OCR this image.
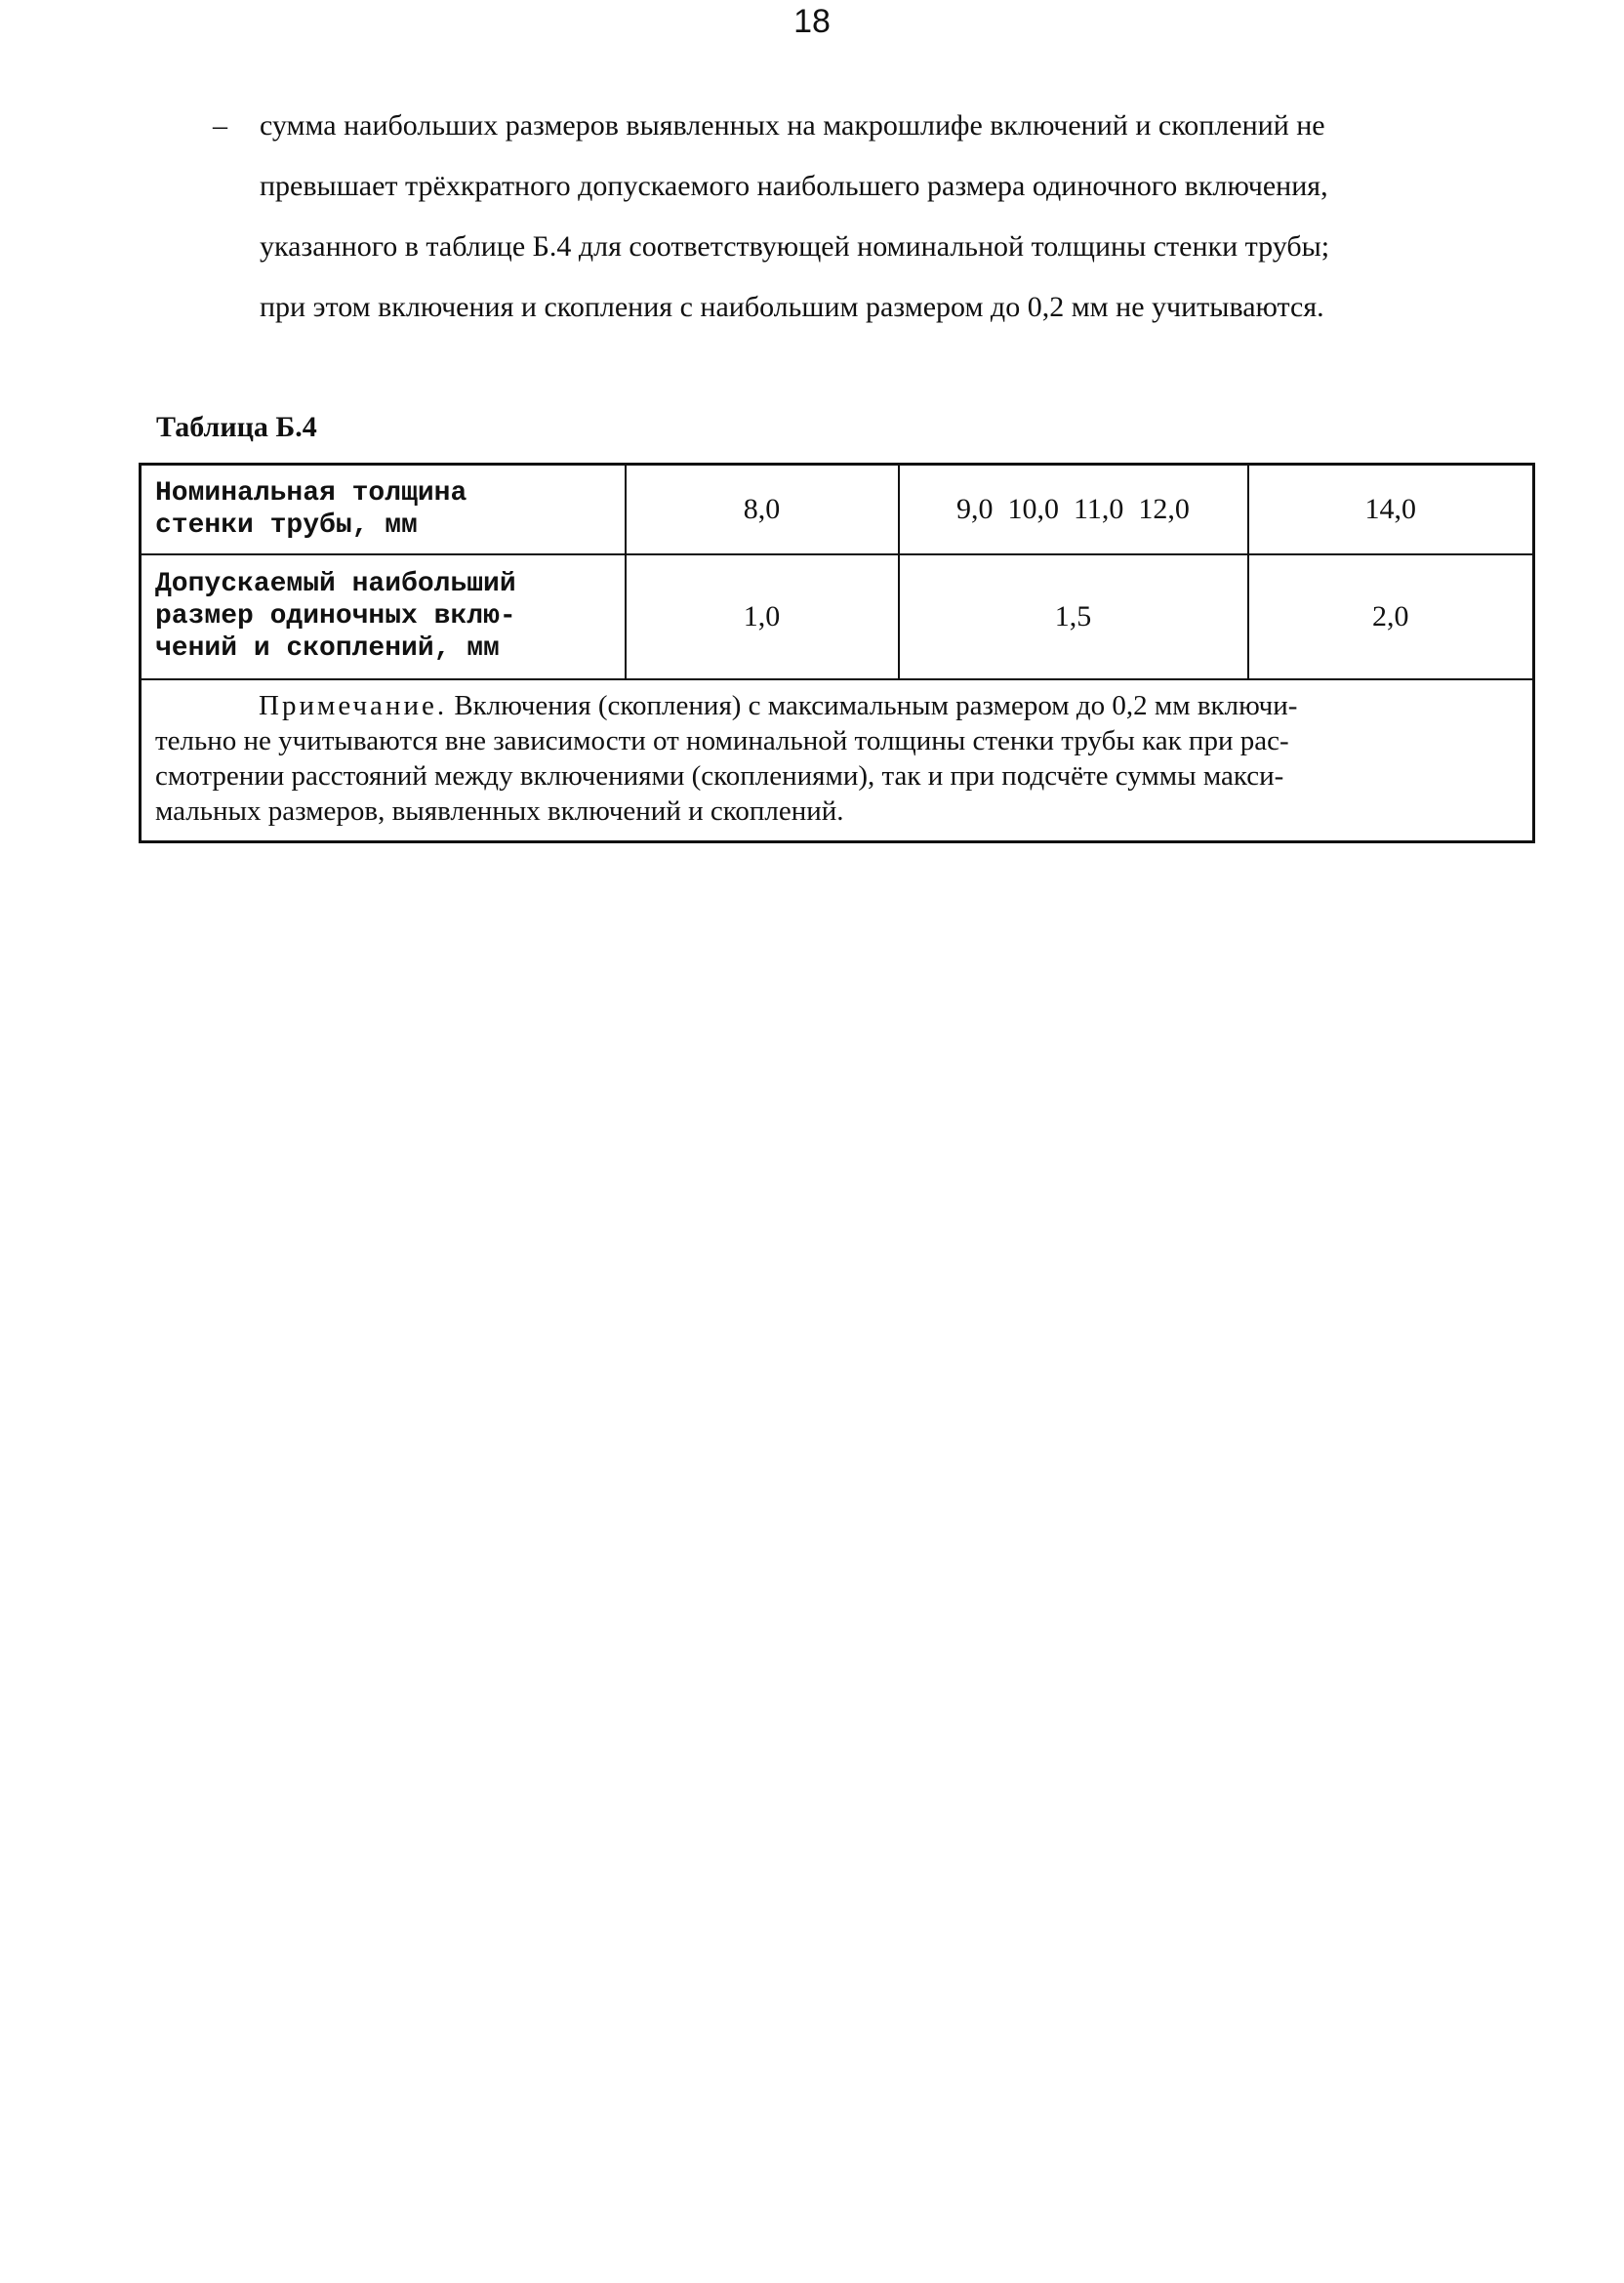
18
– сумма наибольших размеров выявленных на макрошлифе включений и скоплений не
превышает трёхкратного допускаемого наибольшего размера одиночного включения,
указанного в таблице Б.4 для соответствующей номинальной толщины стенки трубы;
при этом включения и скопления с наибольшим размером до 0,2 мм не учитываются.
Таблица Б.4
Номинальная толщина
стенки трубы, мм	8,0	9,0  10,0  11,0  12,0	14,0

Допускаемый наибольший
размер одиночных вклю-
чений и скоплений, мм	1,0	1,5	2,0

Примечание. Включения (скопления) с максимальным размером до 0,2 мм включи-
тельно не учитываются вне зависимости от номинальной толщины стенки трубы как при рас-
смотрении расстояний между включениями (скоплениями), так и при подсчёте суммы макси-
мальных размеров, выявленных включений и скоплений.			
